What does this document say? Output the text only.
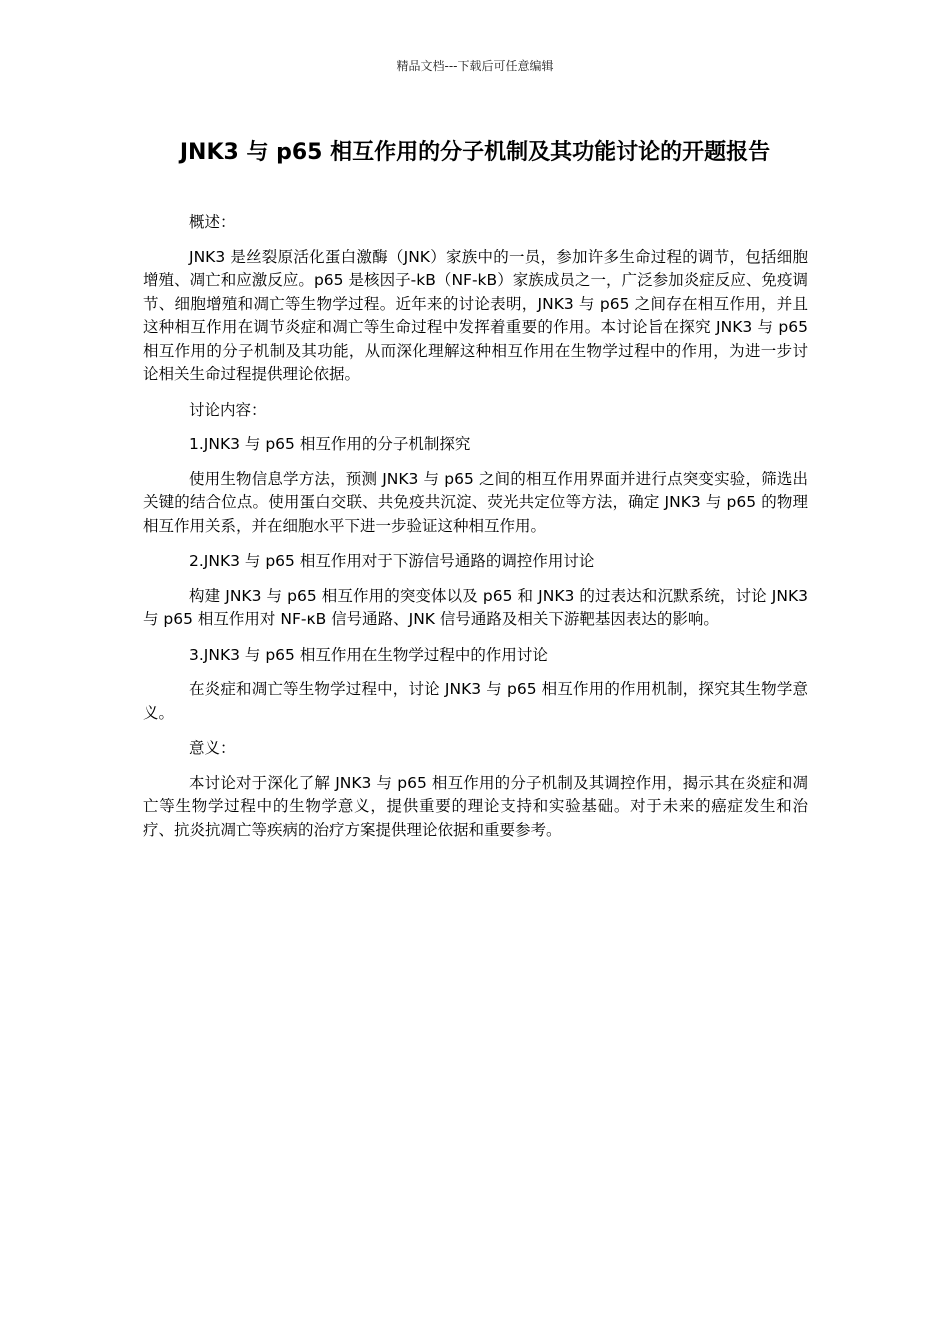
精品文档---下载后可任意编辑
JNK3 与 p65 相互作用的分子机制及其功能讨论的开题报告

概述：

JNK3 是丝裂原活化蛋白激酶（JNK）家族中的一员，参加许多生命过程的调节，包括细胞增殖、凋亡和应激反应。p65 是核因子-kB（NF-kB）家族成员之一，广泛参加炎症反应、免疫调节、细胞增殖和凋亡等生物学过程。近年来的讨论表明，JNK3 与 p65 之间存在相互作用，并且这种相互作用在调节炎症和凋亡等生命过程中发挥着重要的作用。本讨论旨在探究 JNK3 与 p65 相互作用的分子机制及其功能，从而深化理解这种相互作用在生物学过程中的作用，为进一步讨论相关生命过程提供理论依据。

讨论内容：

1.JNK3 与 p65 相互作用的分子机制探究

使用生物信息学方法，预测 JNK3 与 p65 之间的相互作用界面并进行点突变实验，筛选出关键的结合位点。使用蛋白交联、共免疫共沉淀、荧光共定位等方法，确定 JNK3 与 p65 的物理相互作用关系，并在细胞水平下进一步验证这种相互作用。

2.JNK3 与 p65 相互作用对于下游信号通路的调控作用讨论

构建 JNK3 与 p65 相互作用的突变体以及 p65 和 JNK3 的过表达和沉默系统，讨论 JNK3 与 p65 相互作用对 NF-κB 信号通路、JNK 信号通路及相关下游靶基因表达的影响。

3.JNK3 与 p65 相互作用在生物学过程中的作用讨论

在炎症和凋亡等生物学过程中，讨论 JNK3 与 p65 相互作用的作用机制，探究其生物学意义。

意义：

本讨论对于深化了解 JNK3 与 p65 相互作用的分子机制及其调控作用，揭示其在炎症和凋亡等生物学过程中的生物学意义，提供重要的理论支持和实验基础。对于未来的癌症发生和治疗、抗炎抗凋亡等疾病的治疗方案提供理论依据和重要参考。
